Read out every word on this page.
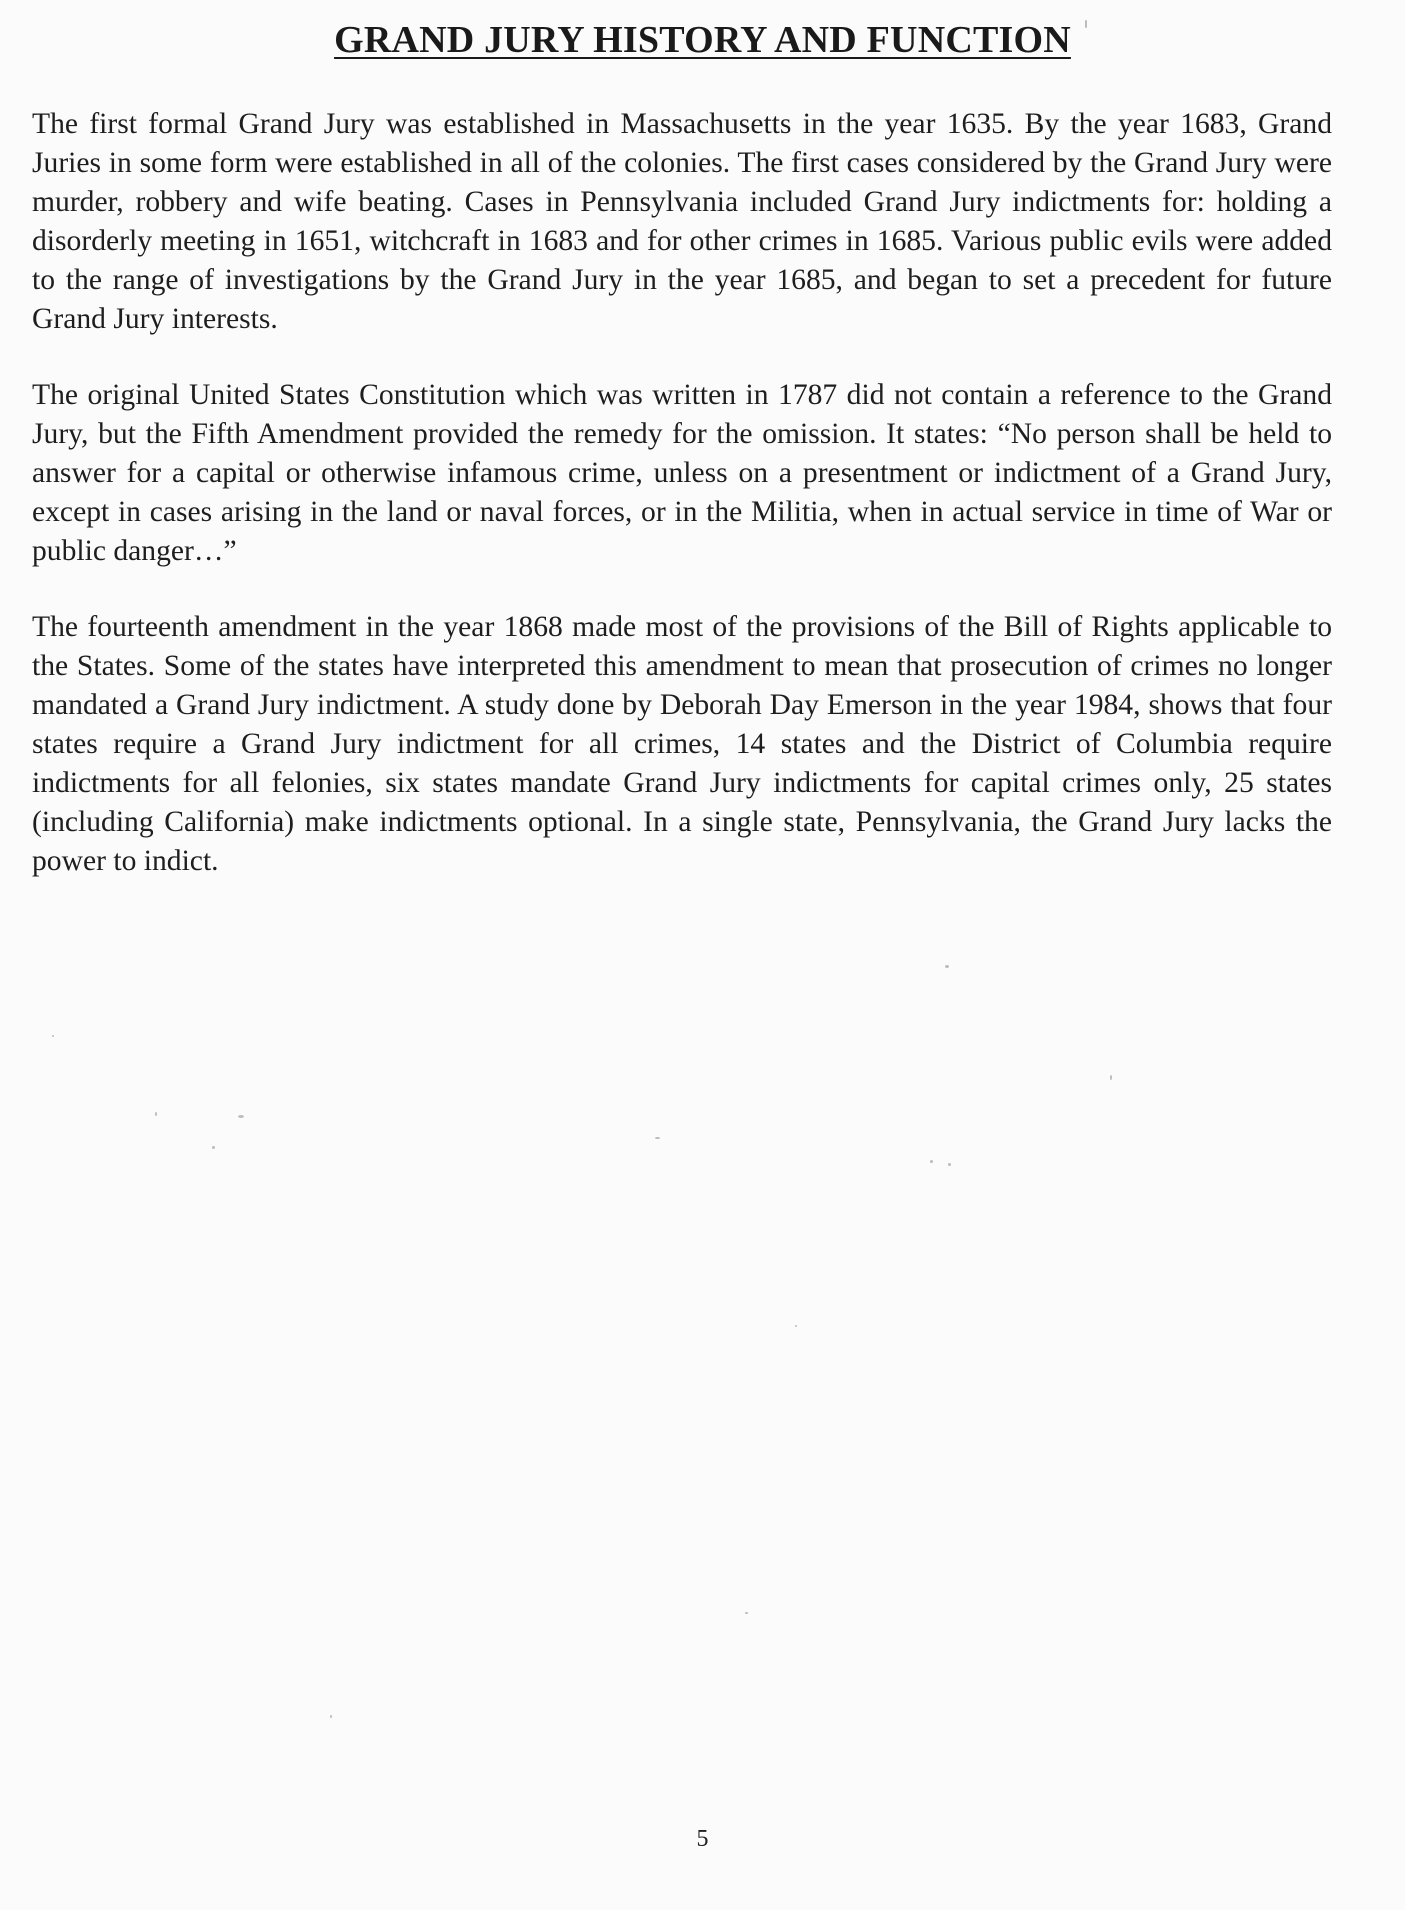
GRAND JURY HISTORY AND FUNCTION

The first formal Grand Jury was established in Massachusetts in the year 1635. By the year 1683, Grand Juries in some form were established in all of the colonies. The first cases considered by the Grand Jury were murder, robbery and wife beating. Cases in Pennsylvania included Grand Jury indictments for: holding a disorderly meeting in 1651, witchcraft in 1683 and for other crimes in 1685. Various public evils were added to the range of investigations by the Grand Jury in the year 1685, and began to set a precedent for future Grand Jury interests.

The original United States Constitution which was written in 1787 did not contain a reference to the Grand Jury, but the Fifth Amendment provided the remedy for the omission. It states: “No person shall be held to answer for a capital or otherwise infamous crime, unless on a presentment or indictment of a Grand Jury, except in cases arising in the land or naval forces, or in the Militia, when in actual service in time of War or public danger…”

The fourteenth amendment in the year 1868 made most of the provisions of the Bill of Rights applicable to the States. Some of the states have interpreted this amendment to mean that prosecution of crimes no longer mandated a Grand Jury indictment. A study done by Deborah Day Emerson in the year 1984, shows that four states require a Grand Jury indictment for all crimes, 14 states and the District of Columbia require indictments for all felonies, six states mandate Grand Jury indictments for capital crimes only, 25 states (including California) make indictments optional. In a single state, Pennsylvania, the Grand Jury lacks the power to indict.

5
